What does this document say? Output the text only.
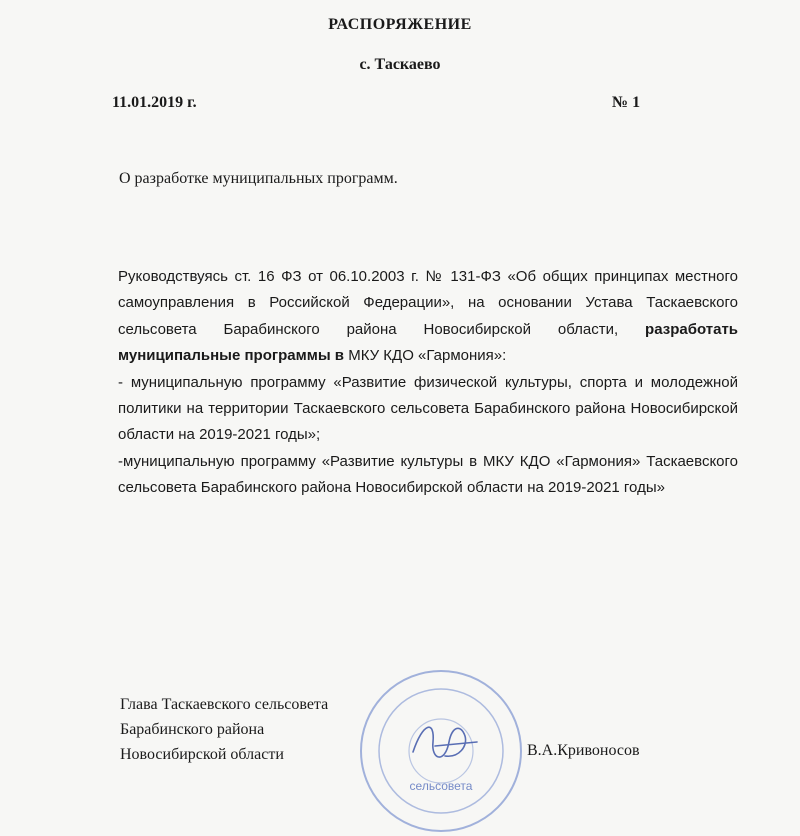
РАСПОРЯЖЕНИЕ
с. Таскаево
11.01.2019 г.	№ 1
О разработке муниципальных программ.

Руководствуясь ст. 16 ФЗ от 06.10.2003 г. № 131-ФЗ «Об общих принципах местного самоуправления в Российской Федерации», на основании Устава Таскаевского сельсовета Барабинского района Новосибирской области, разработать муниципальные программы в МКУ КДО «Гармония»:

- муниципальную программу «Развитие физической культуры, спорта и молодежной политики на территории Таскаевского сельсовета Барабинского района Новосибирской области на 2019-2021 годы»;

-муниципальную программу «Развитие культуры в МКУ КДО «Гармония» Таскаевского сельсовета Барабинского района Новосибирской области на 2019-2021 годы»

Глава Таскаевского сельсовета
Барабинского района
Новосибирской области
сельсовета
В.А.Кривоносов
